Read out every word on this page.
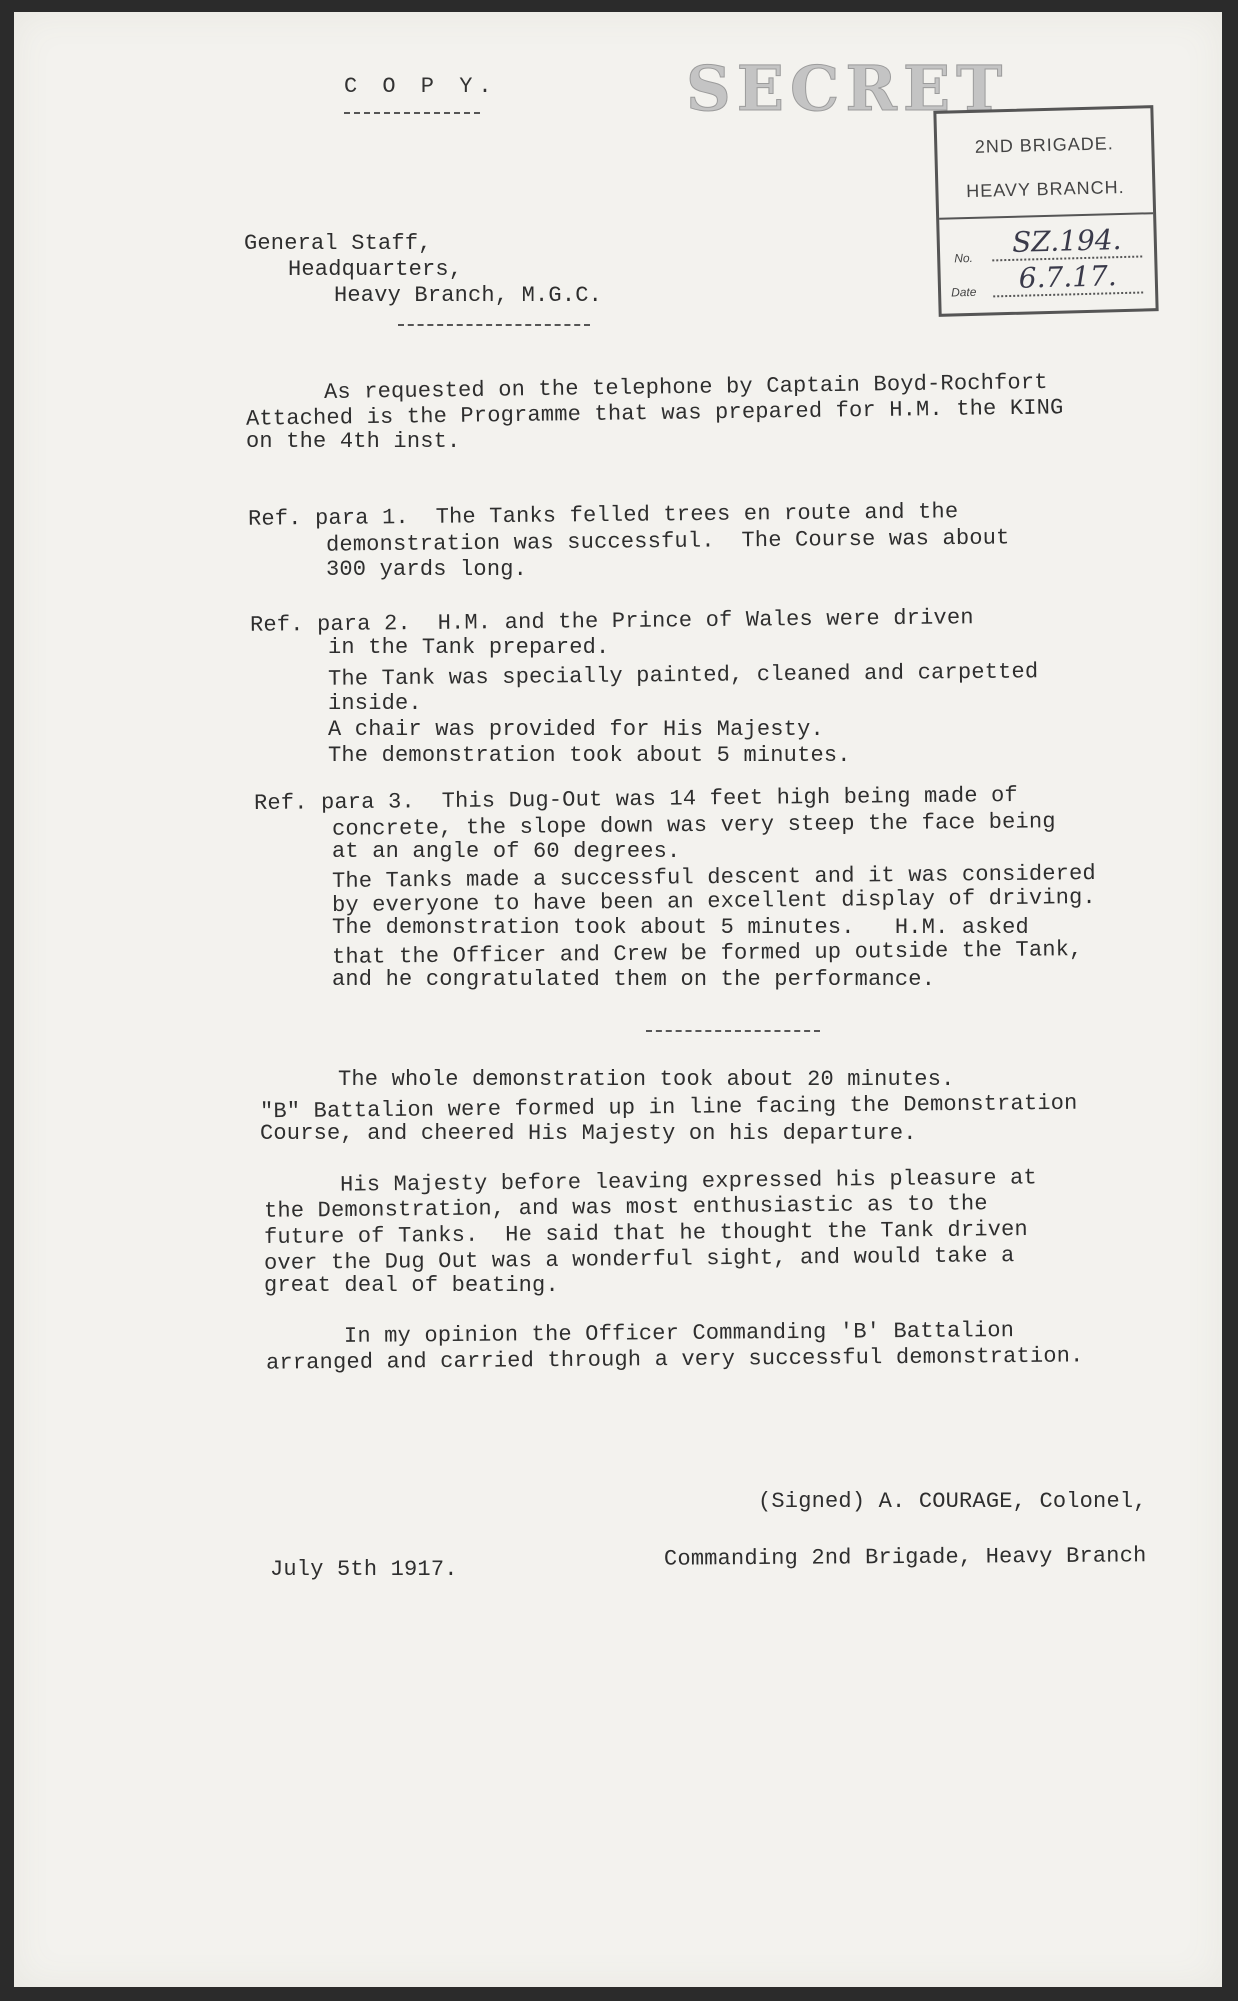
C O P Y.	SECRET
2ND BRIGADE.
HEAVY BRANCH.
No.	SZ.194.
Date	6.7.17.
General Staff,
Headquarters,
Heavy Branch, M.G.C.
As requested on the telephone by Captain Boyd-Rochfort
Attached is the Programme that was prepared for H.M. the KING
on the 4th inst.
Ref. para 1.  The Tanks felled trees en route and the
demonstration was successful.  The Course was about
300 yards long.
Ref. para 2.  H.M. and the Prince of Wales were driven
in the Tank prepared.
The Tank was specially painted, cleaned and carpetted
inside.
A chair was provided for His Majesty.
The demonstration took about 5 minutes.
Ref. para 3.  This Dug-Out was 14 feet high being made of
concrete, the slope down was very steep the face being
at an angle of 60 degrees.
The Tanks made a successful descent and it was considered
by everyone to have been an excellent display of driving.
The demonstration took about 5 minutes.   H.M. asked
that the Officer and Crew be formed up outside the Tank,
and he congratulated them on the performance.
The whole demonstration took about 20 minutes.
"B" Battalion were formed up in line facing the Demonstration
Course, and cheered His Majesty on his departure.
His Majesty before leaving expressed his pleasure at
the Demonstration, and was most enthusiastic as to the
future of Tanks.  He said that he thought the Tank driven
over the Dug Out was a wonderful sight, and would take a
great deal of beating.
In my opinion the Officer Commanding 'B' Battalion
arranged and carried through a very successful demonstration.
(Signed) A. COURAGE, Colonel,
Commanding 2nd Brigade, Heavy Branch
July 5th 1917.
